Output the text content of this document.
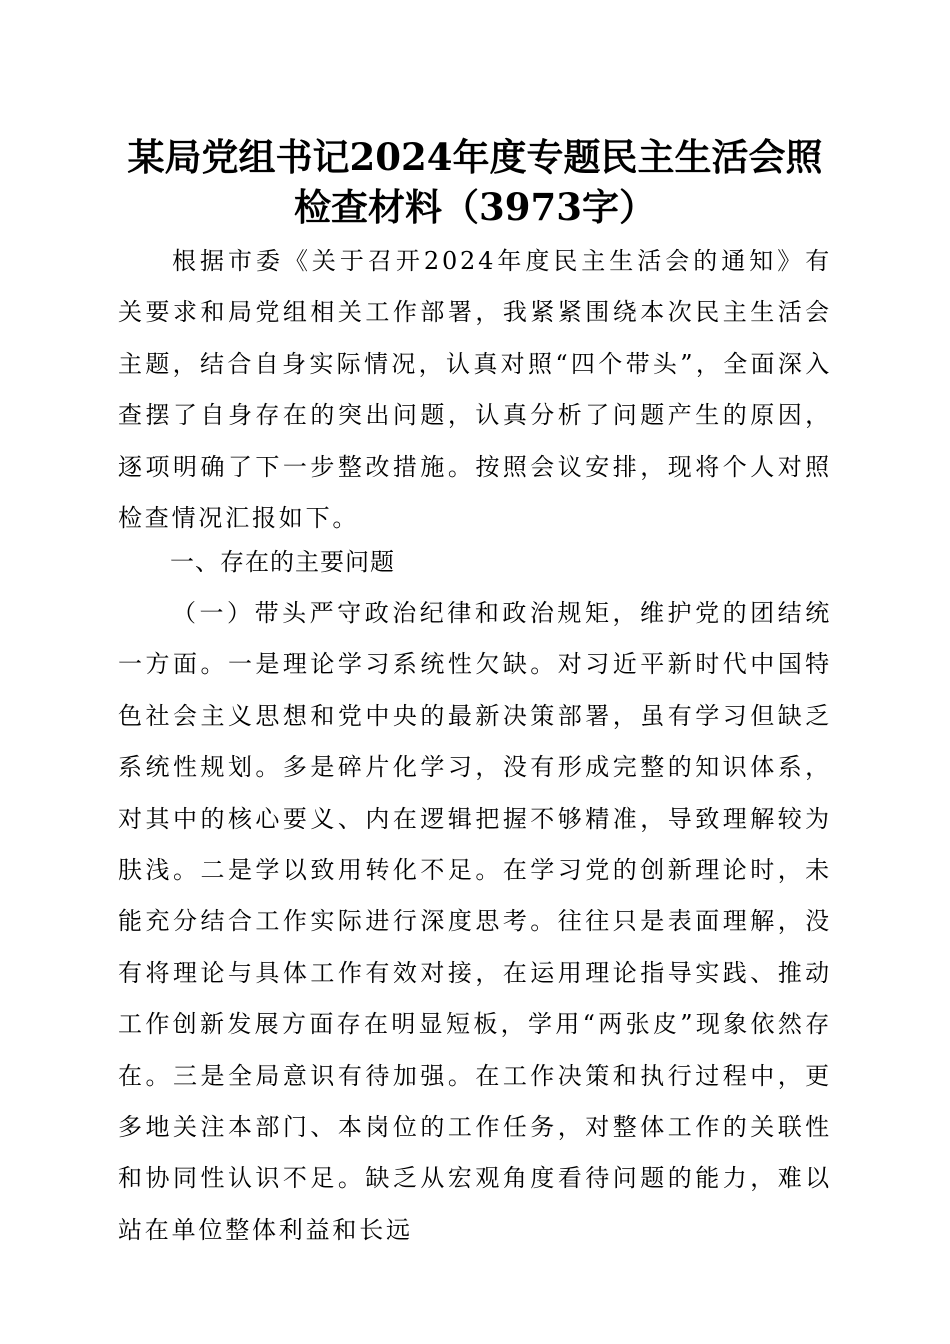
某局党组书记2024年度专题民主生活会照检查材料（3973字）

根据市委《关于召开2024年度民主生活会的通知》有关要求和局党组相关工作部署，我紧紧围绕本次民主生活会主题，结合自身实际情况，认真对照“四个带头”，全面深入查摆了自身存在的突出问题，认真分析了问题产生的原因，逐项明确了下一步整改措施。按照会议安排，现将个人对照检查情况汇报如下。

一、存在的主要问题

（一）带头严守政治纪律和政治规矩，维护党的团结统一方面。一是理论学习系统性欠缺。对习近平新时代中国特色社会主义思想和党中央的最新决策部署，虽有学习但缺乏系统性规划。多是碎片化学习，没有形成完整的知识体系，对其中的核心要义、内在逻辑把握不够精准，导致理解较为肤浅。二是学以致用转化不足。在学习党的创新理论时，未能充分结合工作实际进行深度思考。往往只是表面理解，没有将理论与具体工作有效对接，在运用理论指导实践、推动工作创新发展方面存在明显短板，学用“两张皮”现象依然存在。三是全局意识有待加强。在工作决策和执行过程中，更多地关注本部门、本岗位的工作任务，对整体工作的关联性和协同性认识不足。缺乏从宏观角度看待问题的能力，难以站在单位整体利益和长远
